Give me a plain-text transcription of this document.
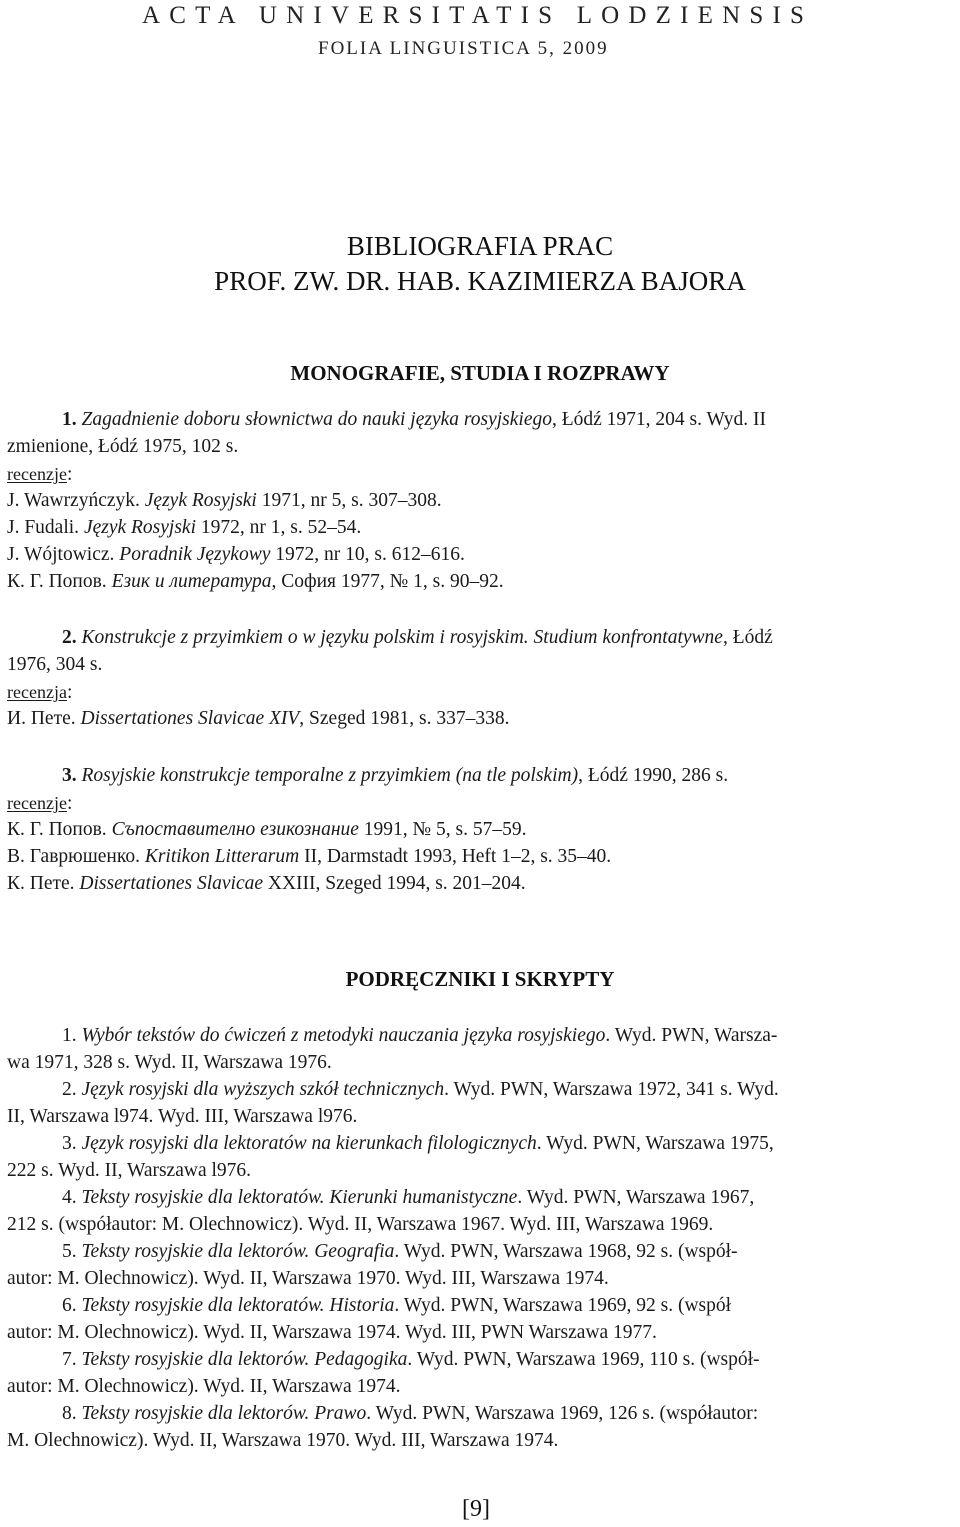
ACTA UNIVERSITATIS LODZIENSIS
FOLIA LINGUISTICA 5, 2009
BIBLIOGRAFIA PRAC
PROF. ZW. DR. HAB. KAZIMIERZA BAJORA
MONOGRAFIE, STUDIA I ROZPRAWY
1. Zagadnienie doboru słownictwa do nauki języka rosyjskiego, Łódź 1971, 204 s. Wyd. II
zmienione, Łódź 1975, 102 s.
recenzje:
J. Wawrzyńczyk. Język Rosyjski 1971, nr 5, s. 307–308.
J. Fudali. Język Rosyjski 1972, nr 1, s. 52–54.
J. Wójtowicz. Poradnik Językowy 1972, nr 10, s. 612–616.
К. Г. Попов. Език и литература, София 1977, № 1, s. 90–92.
2. Konstrukcje z przyimkiem o w języku polskim i rosyjskim. Studium konfrontatywne, Łódź
1976, 304 s.
recenzja:
И. Пете. Dissertationes Slavicae XIV, Szeged 1981, s. 337–338.
3. Rosyjskie konstrukcje temporalne z przyimkiem (na tle polskim), Łódź 1990, 286 s.
recenzje:
К. Г. Попов. Съпоставително езикознание 1991, № 5, s. 57–59.
В. Гаврюшенко. Kritikon Litterarum II, Darmstadt 1993, Heft 1–2, s. 35–40.
К. Пете. Dissertationes Slavicae XXIII, Szeged 1994, s. 201–204.
PODRĘCZNIKI I SKRYPTY
1. Wybór tekstów do ćwiczeń z metodyki nauczania języka rosyjskiego. Wyd. PWN, Warsza-
wa 1971, 328 s. Wyd. II, Warszawa 1976.
2. Język rosyjski dla wyższych szkół technicznych. Wyd. PWN, Warszawa 1972, 341 s. Wyd.
II, Warszawa l974. Wyd. III, Warszawa l976.
3. Język rosyjski dla lektoratów na kierunkach filologicznych. Wyd. PWN, Warszawa 1975,
222 s. Wyd. II, Warszawa l976.
4. Teksty rosyjskie dla lektoratów. Kierunki humanistyczne. Wyd. PWN, Warszawa 1967,
212 s. (współautor: M. Olechnowicz). Wyd. II, Warszawa 1967. Wyd. III, Warszawa 1969.
5. Teksty rosyjskie dla lektorów. Geografia. Wyd. PWN, Warszawa 1968, 92 s. (współ-
autor: M. Olechnowicz). Wyd. II, Warszawa 1970. Wyd. III, Warszawa 1974.
6. Teksty rosyjskie dla lektoratów. Historia. Wyd. PWN, Warszawa 1969, 92 s. (współ
autor: M. Olechnowicz). Wyd. II, Warszawa 1974. Wyd. III, PWN Warszawa 1977.
7. Teksty rosyjskie dla lektorów. Pedagogika. Wyd. PWN, Warszawa 1969, 110 s. (współ-
autor: M. Olechnowicz). Wyd. II, Warszawa 1974.
8. Teksty rosyjskie dla lektorów. Prawo. Wyd. PWN, Warszawa 1969, 126 s. (współautor:
M. Olechnowicz). Wyd. II, Warszawa 1970. Wyd. III, Warszawa 1974.
[9]
